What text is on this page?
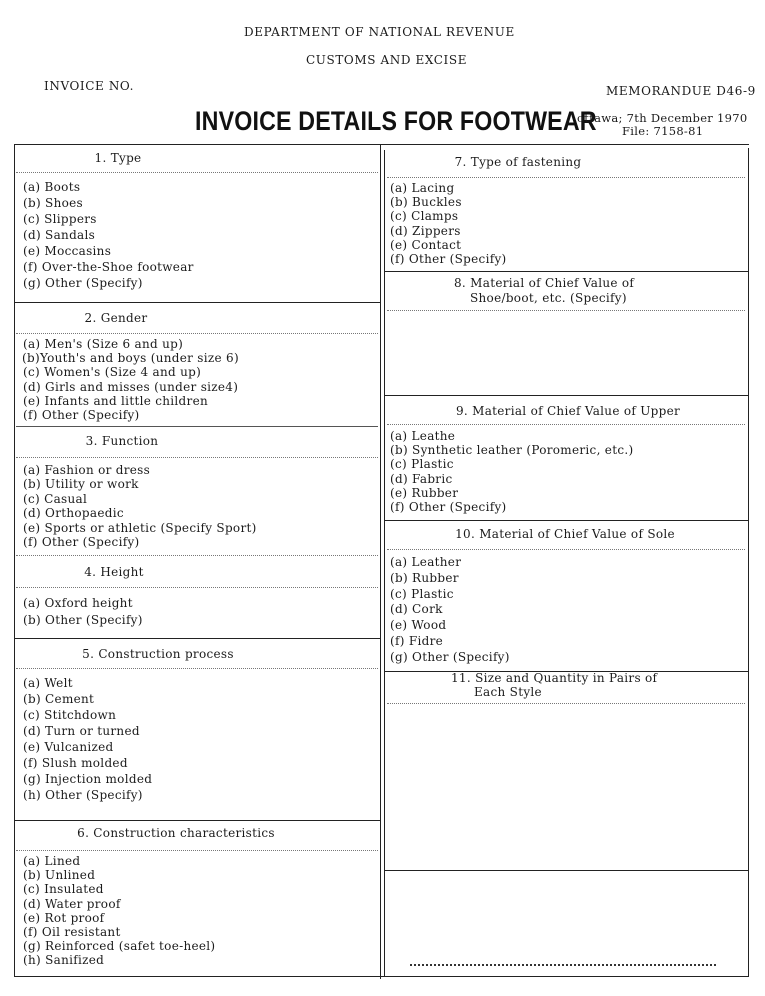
DEPARTMENT OF NATIONAL REVENUE
CUSTOMS AND EXCISE
INVOICE NO.	MEMORANDUE D46-9
INVOICE DETAILS FOR FOOTWEAR
ottawa; 7th December 1970
File: 7158-81
1. Type
(a) Boots
(b) Shoes
(c) Slippers
(d) Sandals
(e) Moccasins
(f) Over-the-Shoe footwear
(g) Other (Specify)
2. Gender
(a) Men's (Size 6 and up)
(b)Youth's and boys (under size 6)
(c) Women's (Size 4 and up)
(d) Girls and misses (under size4)
(e) Infants and little children
(f) Other (Specify)
3. Function
(a) Fashion or dress
(b) Utility or work
(c) Casual
(d) Orthopaedic
(e) Sports or athletic (Specify Sport)
(f) Other (Specify)
4. Height
(a) Oxford height
(b) Other (Specify)
5. Construction process
(a) Welt
(b) Cement
(c) Stitchdown
(d) Turn or turned
(e) Vulcanized
(f) Slush molded
(g) Injection molded
(h) Other (Specify)
6. Construction characteristics
(a) Lined
(b) Unlined
(c) Insulated
(d) Water proof
(e) Rot proof
(f) Oil resistant
(g) Reinforced (safet toe-heel)
(h) Sanifized
7. Type of fastening
(a) Lacing
(b) Buckles
(c) Clamps
(d) Zippers
(e) Contact
(f) Other (Specify)
8. Material of Chief Value of
Shoe/boot, etc. (Specify)
9. Material of Chief Value of Upper
(a) Leathe
(b) Synthetic leather (Poromeric, etc.)
(c) Plastic
(d) Fabric
(e) Rubber
(f) Other (Specify)
10. Material of Chief Value of Sole
(a) Leather
(b) Rubber
(c) Plastic
(d) Cork
(e) Wood
(f) Fidre
(g) Other (Specify)
11. Size and Quantity in Pairs of
Each Style
